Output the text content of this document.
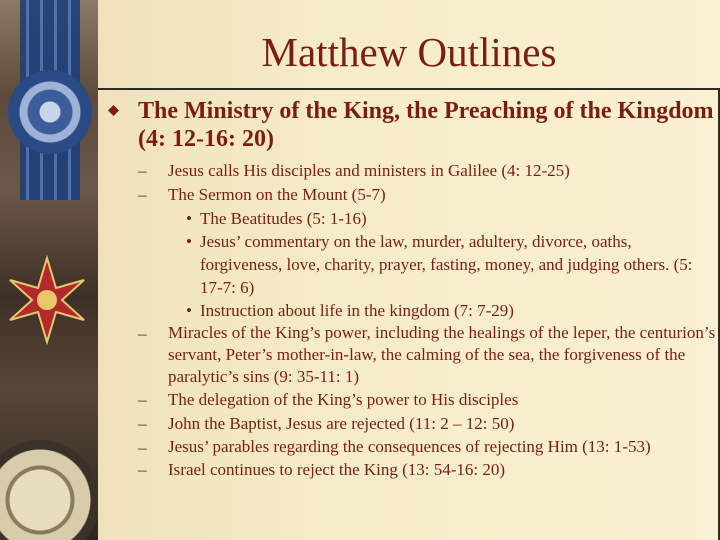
Matthew Outlines
The Ministry of the King, the Preaching of the Kingdom (4: 12-16: 20)
–	Jesus calls His disciples and ministers in Galilee (4: 12-25)
–	The Sermon on the Mount (5-7)
• The Beatitudes (5: 1-16)
• Jesus’ commentary on the law, murder, adultery, divorce, oaths, forgiveness, love, charity, prayer, fasting, money, and judging others. (5: 17-7: 6)
• Instruction about life in the kingdom (7: 7-29)
–	Miracles of the King’s power, including the healings of the leper, the centurion’s servant, Peter’s mother-in-law, the calming of the sea, the forgiveness of the paralytic’s sins (9: 35-11: 1)
–	The delegation of the King’s power to His disciples
–	John the Baptist, Jesus are rejected (11: 2 – 12: 50)
–	Jesus’ parables regarding the consequences of rejecting Him (13: 1-53)
–	Israel continues to reject the King (13: 54-16: 20)
